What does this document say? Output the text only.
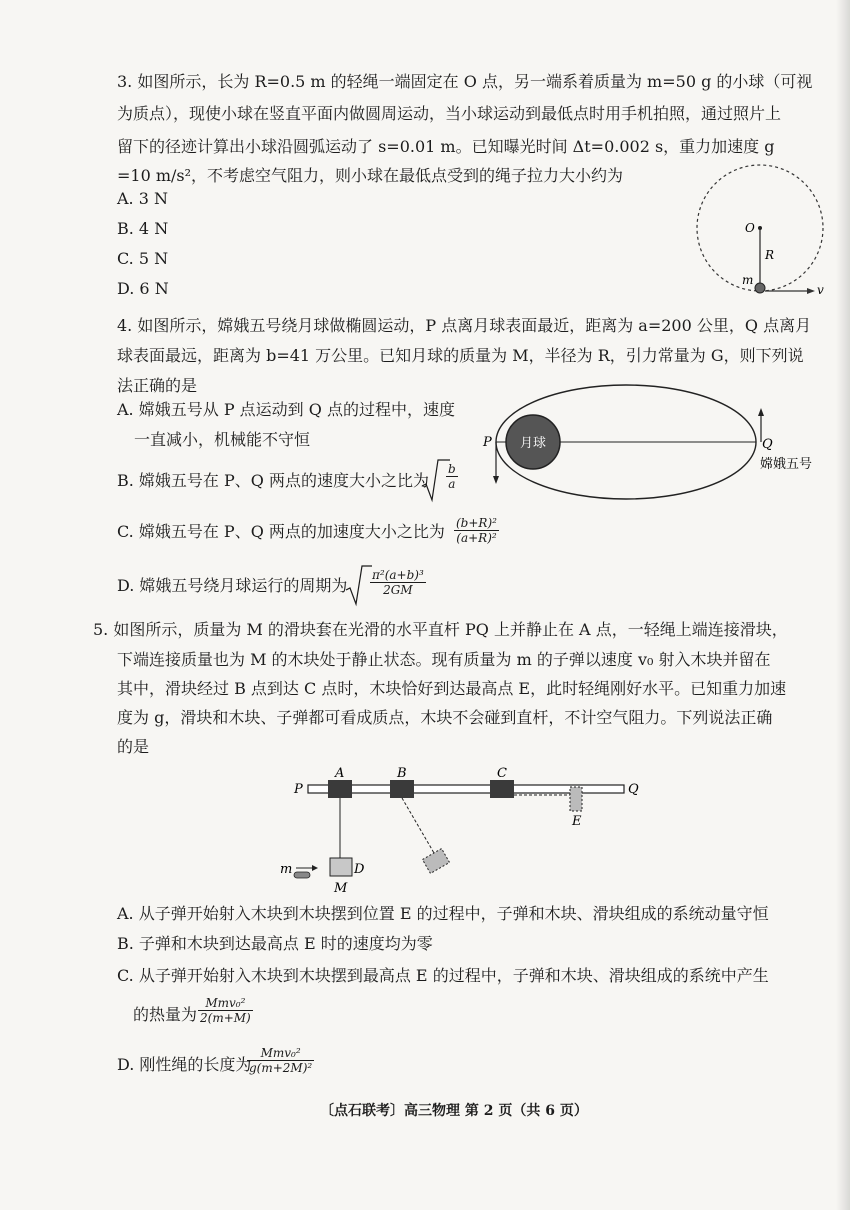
3. 如图所示，长为 R=0.5 m 的轻绳一端固定在 O 点，另一端系着质量为 m=50 g 的小球（可视
为质点），现使小球在竖直平面内做圆周运动，当小球运动到最低点时用手机拍照，通过照片上
留下的径迹计算出小球沿圆弧运动了 s=0.01 m。已知曝光时间 Δt=0.002 s，重力加速度 g
=10 m/s²，不考虑空气阻力，则小球在最低点受到的绳子拉力大小约为
A. 3 N
B. 4 N
C. 5 N
D. 6 N
O
R
m
v
4. 如图所示，嫦娥五号绕月球做椭圆运动，P 点离月球表面最近，距离为 a=200 公里，Q 点离月
球表面最远，距离为 b=41 万公里。已知月球的质量为 M，半径为 R，引力常量为 G，则下列说
法正确的是
A. 嫦娥五号从 P 点运动到 Q 点的过程中，速度
一直减小，机械能不守恒
B. 嫦娥五号在 P、Q 两点的速度大小之比为 $\frac{b}{a}$
C. 嫦娥五号在 P、Q 两点的加速度大小之比为 $\frac{\text{(b+R)²}}{\text{(a+R)²}}$
D. 嫦娥五号绕月球运行的周期为 $\frac{\text{π²(a+b)³}}{2GM}$
月球
P	Q
嫦娥五号
5. 如图所示，质量为 M 的滑块套在光滑的水平直杆 PQ 上并静止在 A 点，一轻绳上端连接滑块，
下端连接质量也为 M 的木块处于静止状态。现有质量为 m 的子弹以速度 v₀ 射入木块并留在
其中，滑块经过 B 点到达 C 点时，木块恰好到达最高点 E，此时轻绳刚好水平。已知重力加速
度为 g，滑块和木块、子弹都可看成质点，木块不会碰到直杆，不计空气阻力。下列说法正确
的是
P	Q
A	B	C
E
D
M
m
A. 从子弹开始射入木块到木块摆到位置 E 的过程中，子弹和木块、滑块组成的系统动量守恒
B. 子弹和木块到达最高点 E 时的速度均为零
C. 从子弹开始射入木块到木块摆到最高点 E 的过程中，子弹和木块、滑块组成的系统中产生
的热量为
Mmv₀²
2(m+M)
D. 刚性绳的长度为
Mmv₀²
g(m+2M)²
〔点石联考〕高三物理 第 2 页（共 6 页）
